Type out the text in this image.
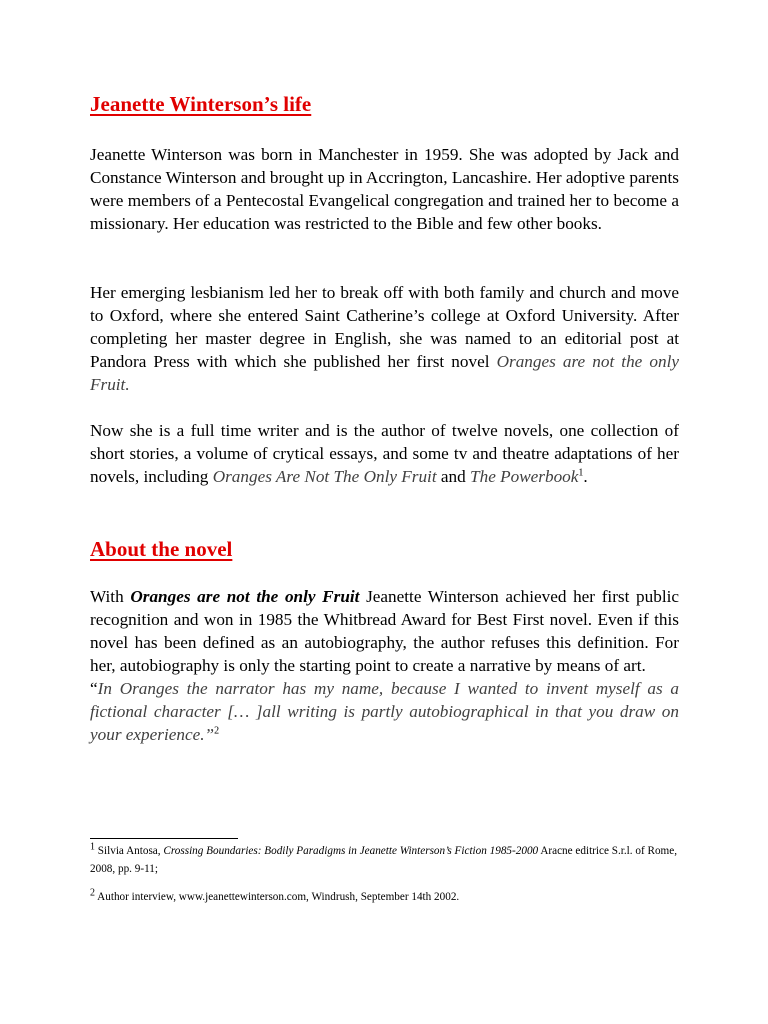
Jeanette Winterson’s life

Jeanette Winterson was born in Manchester in 1959. She was adopted by Jack and Constance Winterson and brought up in Accrington, Lancashire. Her adoptive parents were members of a Pentecostal Evangelical congregation and trained her to become a missionary. Her education was restricted to the Bible and few other books.

Her emerging lesbianism led her to break off with both family and church and move to Oxford, where she entered Saint Catherine’s college at Oxford University. After completing her master degree in English, she was named to an editorial post at Pandora Press with which she published her first novel Oranges are not the only Fruit.

Now she is a full time writer and is the author of twelve novels, one collection of short stories, a volume of crytical essays, and some tv and theatre adaptations of her novels, including Oranges Are Not The Only Fruit and The Powerbook$^1$.

About the novel

With Oranges are not the only Fruit Jeanette Winterson achieved her first public recognition and won in 1985 the Whitbread Award for Best First novel. Even if this novel has been defined as an autobiography, the author refuses this definition. For her, autobiography is only the starting point to create a narrative by means of art.
“In Oranges the narrator has my name, because I wanted to invent myself as a fictional character [… ]all writing is partly autobiographical in that you draw on your experience.”$^2$

1 Silvia Antosa, Crossing Boundaries: Bodily Paradigms in Jeanette Winterson’s Fiction 1985-2000 Aracne editrice S.r.l. of Rome, 2008, pp. 9-11;

2 Author interview, www.jeanettewinterson.com, Windrush, September 14th 2002.
